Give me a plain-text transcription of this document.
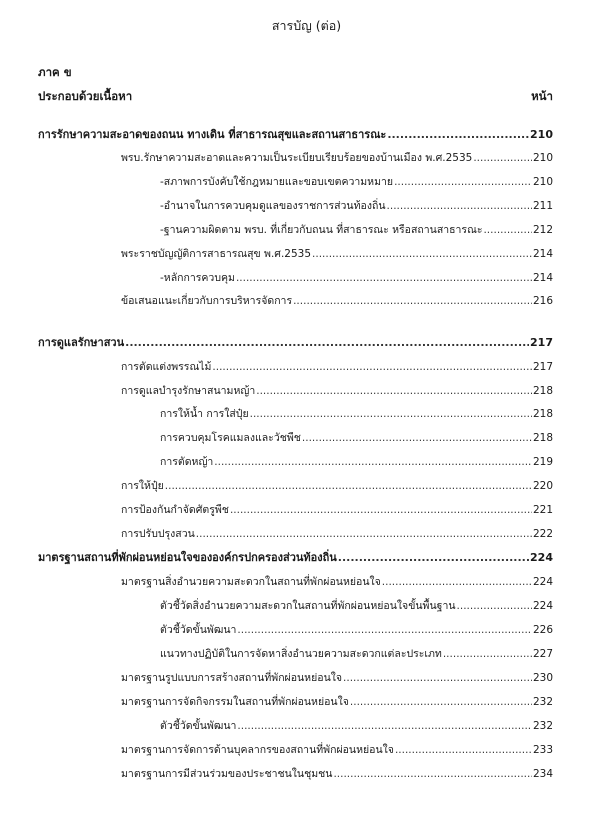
สารบัญ (ต่อ)
ภาค ข
ประกอบด้วยเนื้อหา	หน้า
การรักษาความสะอาดของถนน ทางเดิน ที่สาธารณสุขและสถานสาธารณะ .....	210
พรบ.รักษาความสะอาดและความเป็นระเบียบเรียบร้อยของบ้านเมือง พ.ศ.2535 .....	210
-สภาพการบังคับใช้กฎหมายและขอบเขตความหมาย .....	210
-อำนาจในการควบคุมดูแลของราชการส่วนท้องถิ่น .....	211
-ฐานความผิดตาม พรบ. ที่เกี่ยวกับถนน ที่สาธารณะ หรือสถานสาธารณะ .....	212
พระราชบัญญัติการสาธารณสุข พ.ศ.2535 .....	214
-หลักการควบคุม .....	214
ข้อเสนอแนะเกี่ยวกับการบริหารจัดการ .....	216
การดูแลรักษาสวน .....	217
การตัดแต่งพรรณไม้ .....	217
การดูแลบำรุงรักษาสนามหญ้า .....	218
การให้น้ำ การใส่ปุ๋ย .....	218
การควบคุมโรคแมลงและวัชพืช .....	218
การตัดหญ้า .....	219
การให้ปุ๋ย .....	220
การป้องกันกำจัดศัตรูพืช .....	221
การปรับปรุงสวน .....	222
มาตรฐานสถานที่พักผ่อนหย่อนใจขององค์กรปกครองส่วนท้องถิ่น .....	224
มาตรฐานสิ่งอำนวยความสะดวกในสถานที่พักผ่อนหย่อนใจ .....	224
ตัวชี้วัดสิ่งอำนวยความสะดวกในสถานที่พักผ่อนหย่อนใจขั้นพื้นฐาน .....	224
ตัวชี้วัดขั้นพัฒนา .....	226
แนวทางปฏิบัติในการจัดหาสิ่งอำนวยความสะดวกแต่ละประเภท .....	227
มาตรฐานรูปแบบการสร้างสถานที่พักผ่อนหย่อนใจ .....	230
มาตรฐานการจัดกิจกรรมในสถานที่พักผ่อนหย่อนใจ .....	232
ตัวชี้วัดขั้นพัฒนา .....	232
มาตรฐานการจัดการด้านบุคลากรของสถานที่พักผ่อนหย่อนใจ .....	233
มาตรฐานการมีส่วนร่วมของประชาชนในชุมชน .....	234
